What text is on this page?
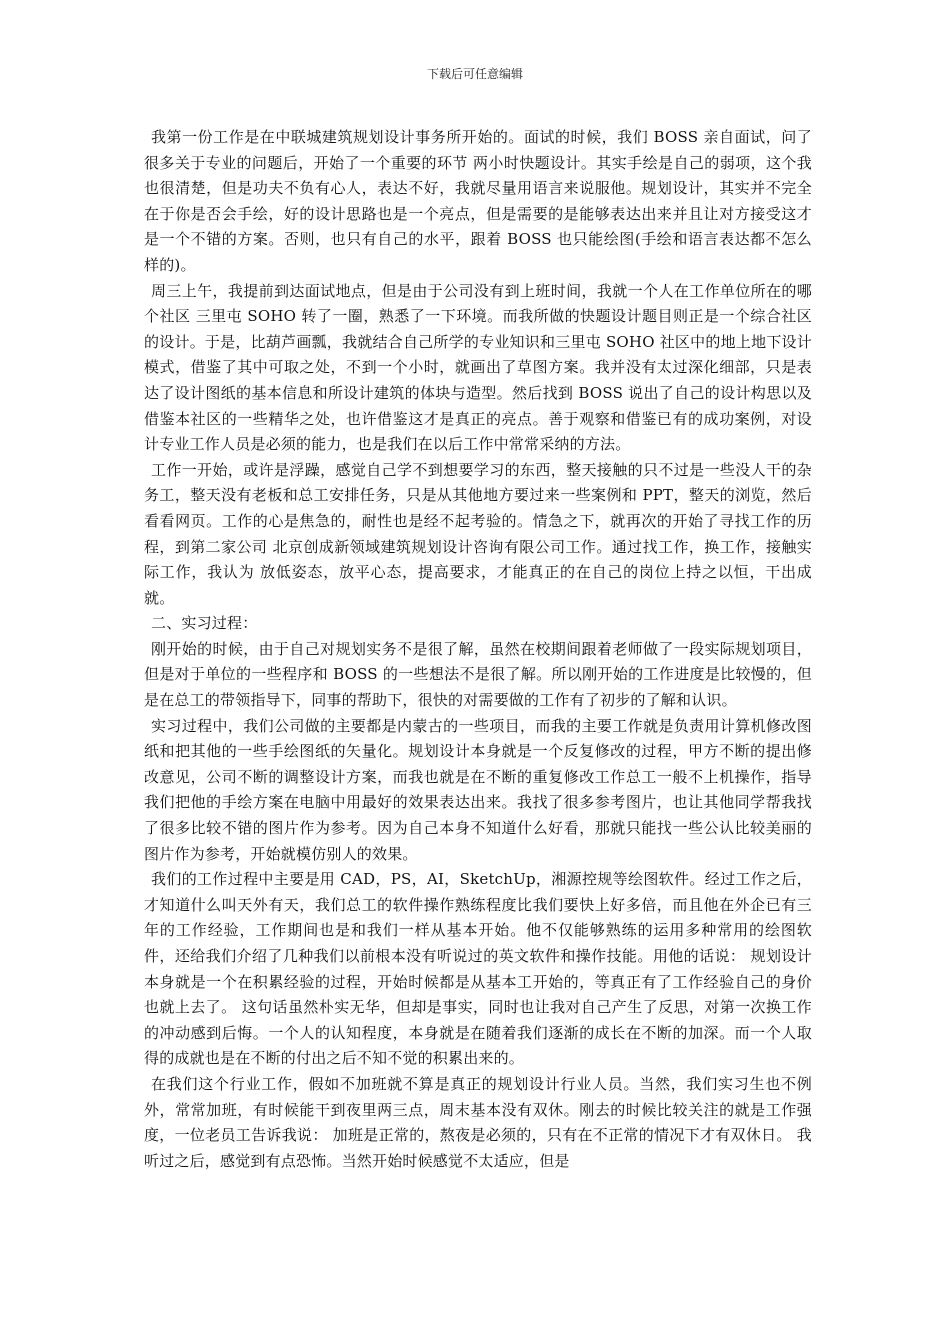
下载后可任意编辑

我第一份工作是在中联城建筑规划设计事务所开始的。面试的时候，我们 BOSS 亲自面试，问了很多关于专业的问题后，开始了一个重要的环节 两小时快题设计。其实手绘是自己的弱项，这个我也很清楚，但是功夫不负有心人，表达不好，我就尽量用语言来说服他。规划设计，其实并不完全在于你是否会手绘，好的设计思路也是一个亮点，但是需要的是能够表达出来并且让对方接受这才是一个不错的方案。否则，也只有自己的水平，跟着 BOSS 也只能绘图(手绘和语言表达都不怎么样的)。

周三上午，我提前到达面试地点，但是由于公司没有到上班时间，我就一个人在工作单位所在的哪个社区 三里屯 SOHO 转了一圈，熟悉了一下环境。而我所做的快题设计题目则正是一个综合社区的设计。于是，比葫芦画瓢，我就结合自己所学的专业知识和三里屯 SOHO 社区中的地上地下设计模式，借鉴了其中可取之处，不到一个小时，就画出了草图方案。我并没有太过深化细部，只是表达了设计图纸的基本信息和所设计建筑的体块与造型。然后找到 BOSS 说出了自己的设计构思以及借鉴本社区的一些精华之处，也许借鉴这才是真正的亮点。善于观察和借鉴已有的成功案例，对设计专业工作人员是必须的能力，也是我们在以后工作中常常采纳的方法。

工作一开始，或许是浮躁，感觉自己学不到想要学习的东西，整天接触的只不过是一些没人干的杂务工，整天没有老板和总工安排任务，只是从其他地方要过来一些案例和 PPT，整天的浏览，然后看看网页。工作的心是焦急的，耐性也是经不起考验的。情急之下，就再次的开始了寻找工作的历程，到第二家公司 北京创成新领域建筑规划设计咨询有限公司工作。通过找工作，换工作，接触实际工作，我认为 放低姿态，放平心态，提高要求，才能真正的在自己的岗位上持之以恒，干出成就。

二、实习过程：

刚开始的时候，由于自己对规划实务不是很了解，虽然在校期间跟着老师做了一段实际规划项目，但是对于单位的一些程序和 BOSS 的一些想法不是很了解。所以刚开始的工作进度是比较慢的，但是在总工的带领指导下，同事的帮助下，很快的对需要做的工作有了初步的了解和认识。

实习过程中，我们公司做的主要都是内蒙古的一些项目，而我的主要工作就是负责用计算机修改图纸和把其他的一些手绘图纸的矢量化。规划设计本身就是一个反复修改的过程，甲方不断的提出修改意见，公司不断的调整设计方案，而我也就是在不断的重复修改工作总工一般不上机操作，指导我们把他的手绘方案在电脑中用最好的效果表达出来。我找了很多参考图片，也让其他同学帮我找了很多比较不错的图片作为参考。因为自己本身不知道什么好看，那就只能找一些公认比较美丽的图片作为参考，开始就模仿别人的效果。

我们的工作过程中主要是用 CAD，PS，AI，SketchUp，湘源控规等绘图软件。经过工作之后，才知道什么叫天外有天，我们总工的软件操作熟练程度比我们要快上好多倍，而且他在外企已有三年的工作经验，工作期间也是和我们一样从基本开始。他不仅能够熟练的运用多种常用的绘图软件，还给我们介绍了几种我们以前根本没有听说过的英文软件和操作技能。用他的话说： 规划设计本身就是一个在积累经验的过程，开始时候都是从基本工开始的，等真正有了工作经验自己的身价也就上去了。 这句话虽然朴实无华，但却是事实，同时也让我对自己产生了反思，对第一次换工作的冲动感到后悔。一个人的认知程度，本身就是在随着我们逐渐的成长在不断的加深。而一个人取得的成就也是在不断的付出之后不知不觉的积累出来的。

在我们这个行业工作，假如不加班就不算是真正的规划设计行业人员。当然，我们实习生也不例外，常常加班，有时候能干到夜里两三点，周末基本没有双休。刚去的时候比较关注的就是工作强度，一位老员工告诉我说： 加班是正常的，熬夜是必须的，只有在不正常的情况下才有双休日。 我听过之后，感觉到有点恐怖。当然开始时候感觉不太适应，但是
